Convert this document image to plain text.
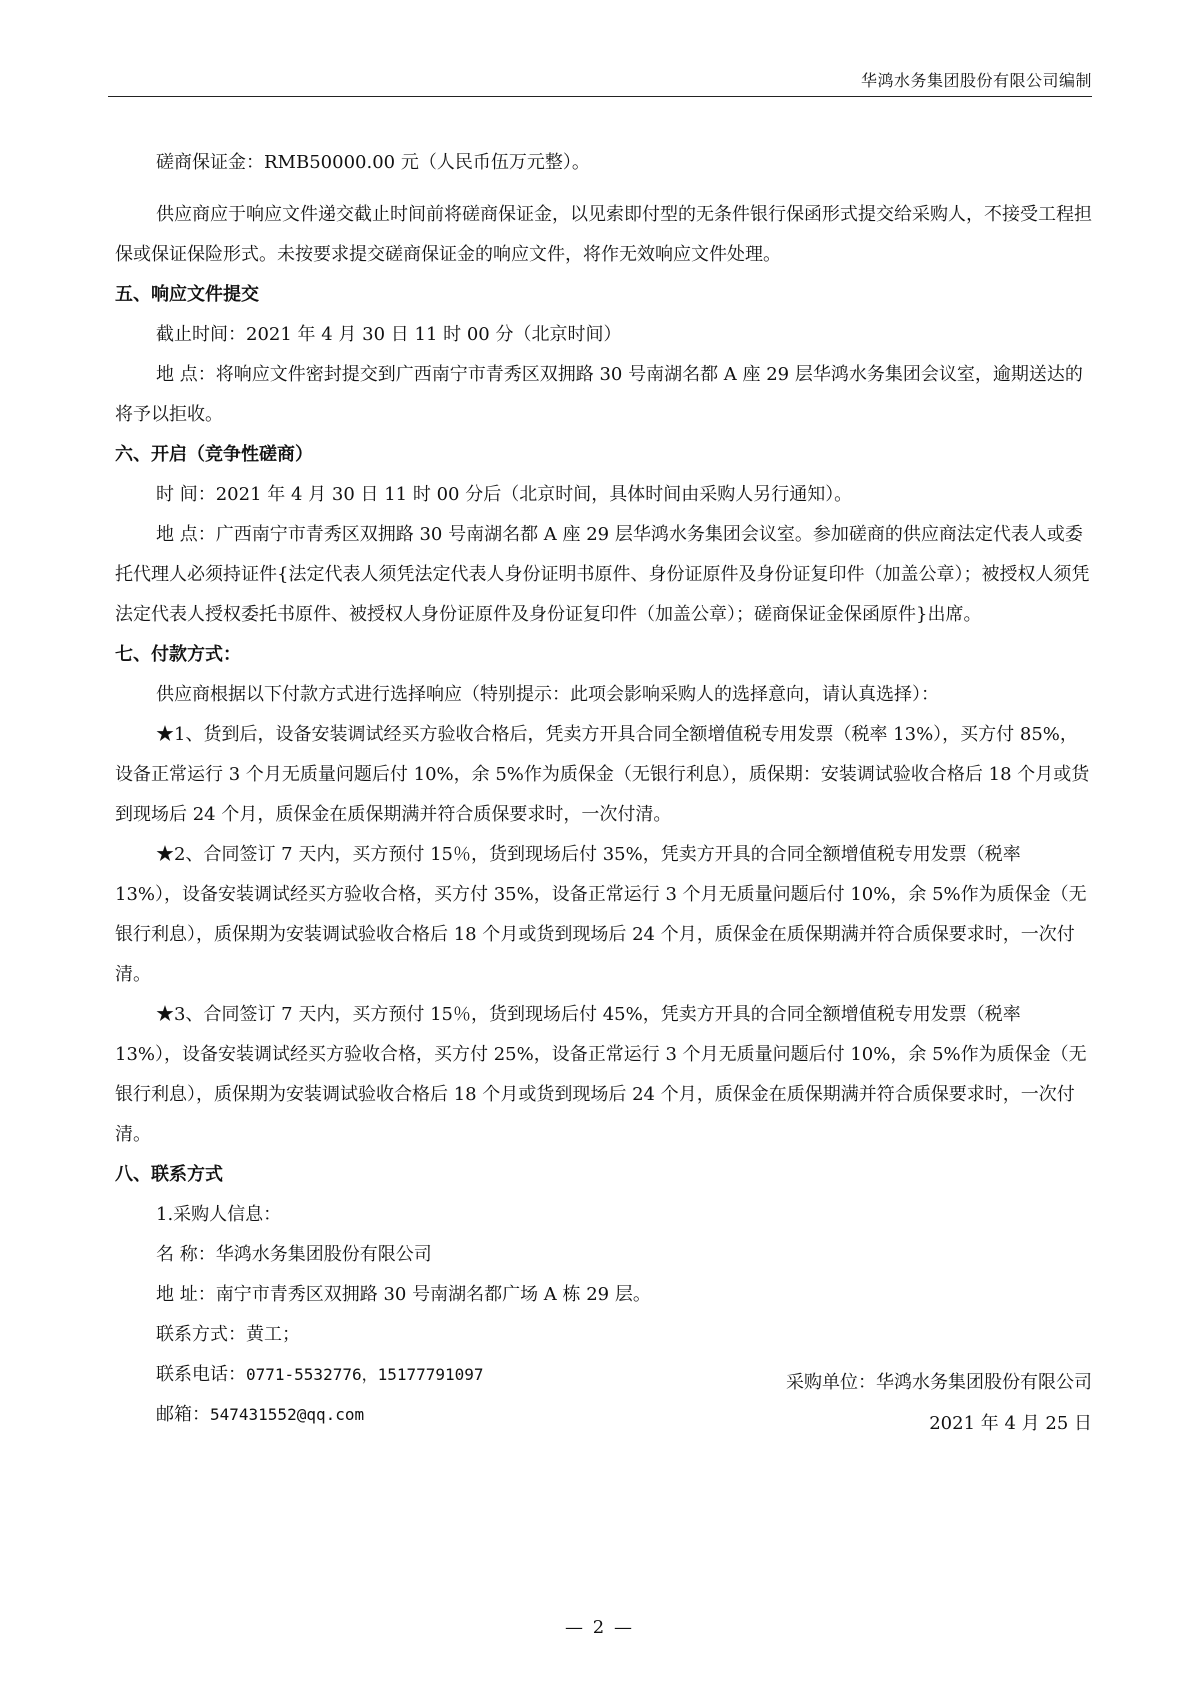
华鸿水务集团股份有限公司编制

磋商保证金：RMB50000.00 元（人民币伍万元整）。

供应商应于响应文件递交截止时间前将磋商保证金，以见索即付型的无条件银行保函形式提交给采购人，不接受工程担保或保证保险形式。未按要求提交磋商保证金的响应文件，将作无效响应文件处理。

五、响应文件提交

截止时间：2021 年 4 月 30 日 11 时 00 分（北京时间）

地 点：将响应文件密封提交到广西南宁市青秀区双拥路 30 号南湖名都 A 座 29 层华鸿水务集团会议室，逾期送达的将予以拒收。

六、开启（竞争性磋商）

时 间：2021 年 4 月 30 日 11 时 00 分后（北京时间，具体时间由采购人另行通知）。

地 点：广西南宁市青秀区双拥路 30 号南湖名都 A 座 29 层华鸿水务集团会议室。参加磋商的供应商法定代表人或委托代理人必须持证件{法定代表人须凭法定代表人身份证明书原件、身份证原件及身份证复印件（加盖公章）；被授权人须凭法定代表人授权委托书原件、被授权人身份证原件及身份证复印件（加盖公章）；磋商保证金保函原件}出席。

七、付款方式：

供应商根据以下付款方式进行选择响应（特别提示：此项会影响采购人的选择意向，请认真选择）：

★1、货到后，设备安装调试经买方验收合格后，凭卖方开具合同全额增值税专用发票（税率 13%），买方付 85%，设备正常运行 3 个月无质量问题后付 10%，余 5%作为质保金（无银行利息），质保期：安装调试验收合格后 18 个月或货到现场后 24 个月，质保金在质保期满并符合质保要求时，一次付清。

★2、合同签订 7 天内，买方预付 15％，货到现场后付 35%，凭卖方开具的合同全额增值税专用发票（税率 13%），设备安装调试经买方验收合格，买方付 35%，设备正常运行 3 个月无质量问题后付 10%，余 5%作为质保金（无银行利息），质保期为安装调试验收合格后 18 个月或货到现场后 24 个月，质保金在质保期满并符合质保要求时，一次付清。

★3、合同签订 7 天内，买方预付 15％，货到现场后付 45%，凭卖方开具的合同全额增值税专用发票（税率 13%），设备安装调试经买方验收合格，买方付 25%，设备正常运行 3 个月无质量问题后付 10%，余 5%作为质保金（无银行利息），质保期为安装调试验收合格后 18 个月或货到现场后 24 个月，质保金在质保期满并符合质保要求时，一次付清。

八、联系方式

1.采购人信息：

名 称：华鸿水务集团股份有限公司

地 址：南宁市青秀区双拥路 30 号南湖名都广场 A 栋 29 层。

联系方式：黄工；

联系电话：0771-5532776，15177791097

邮箱：547431552@qq.com

采购单位：华鸿水务集团股份有限公司
2021 年 4 月 25 日
— 2 —
